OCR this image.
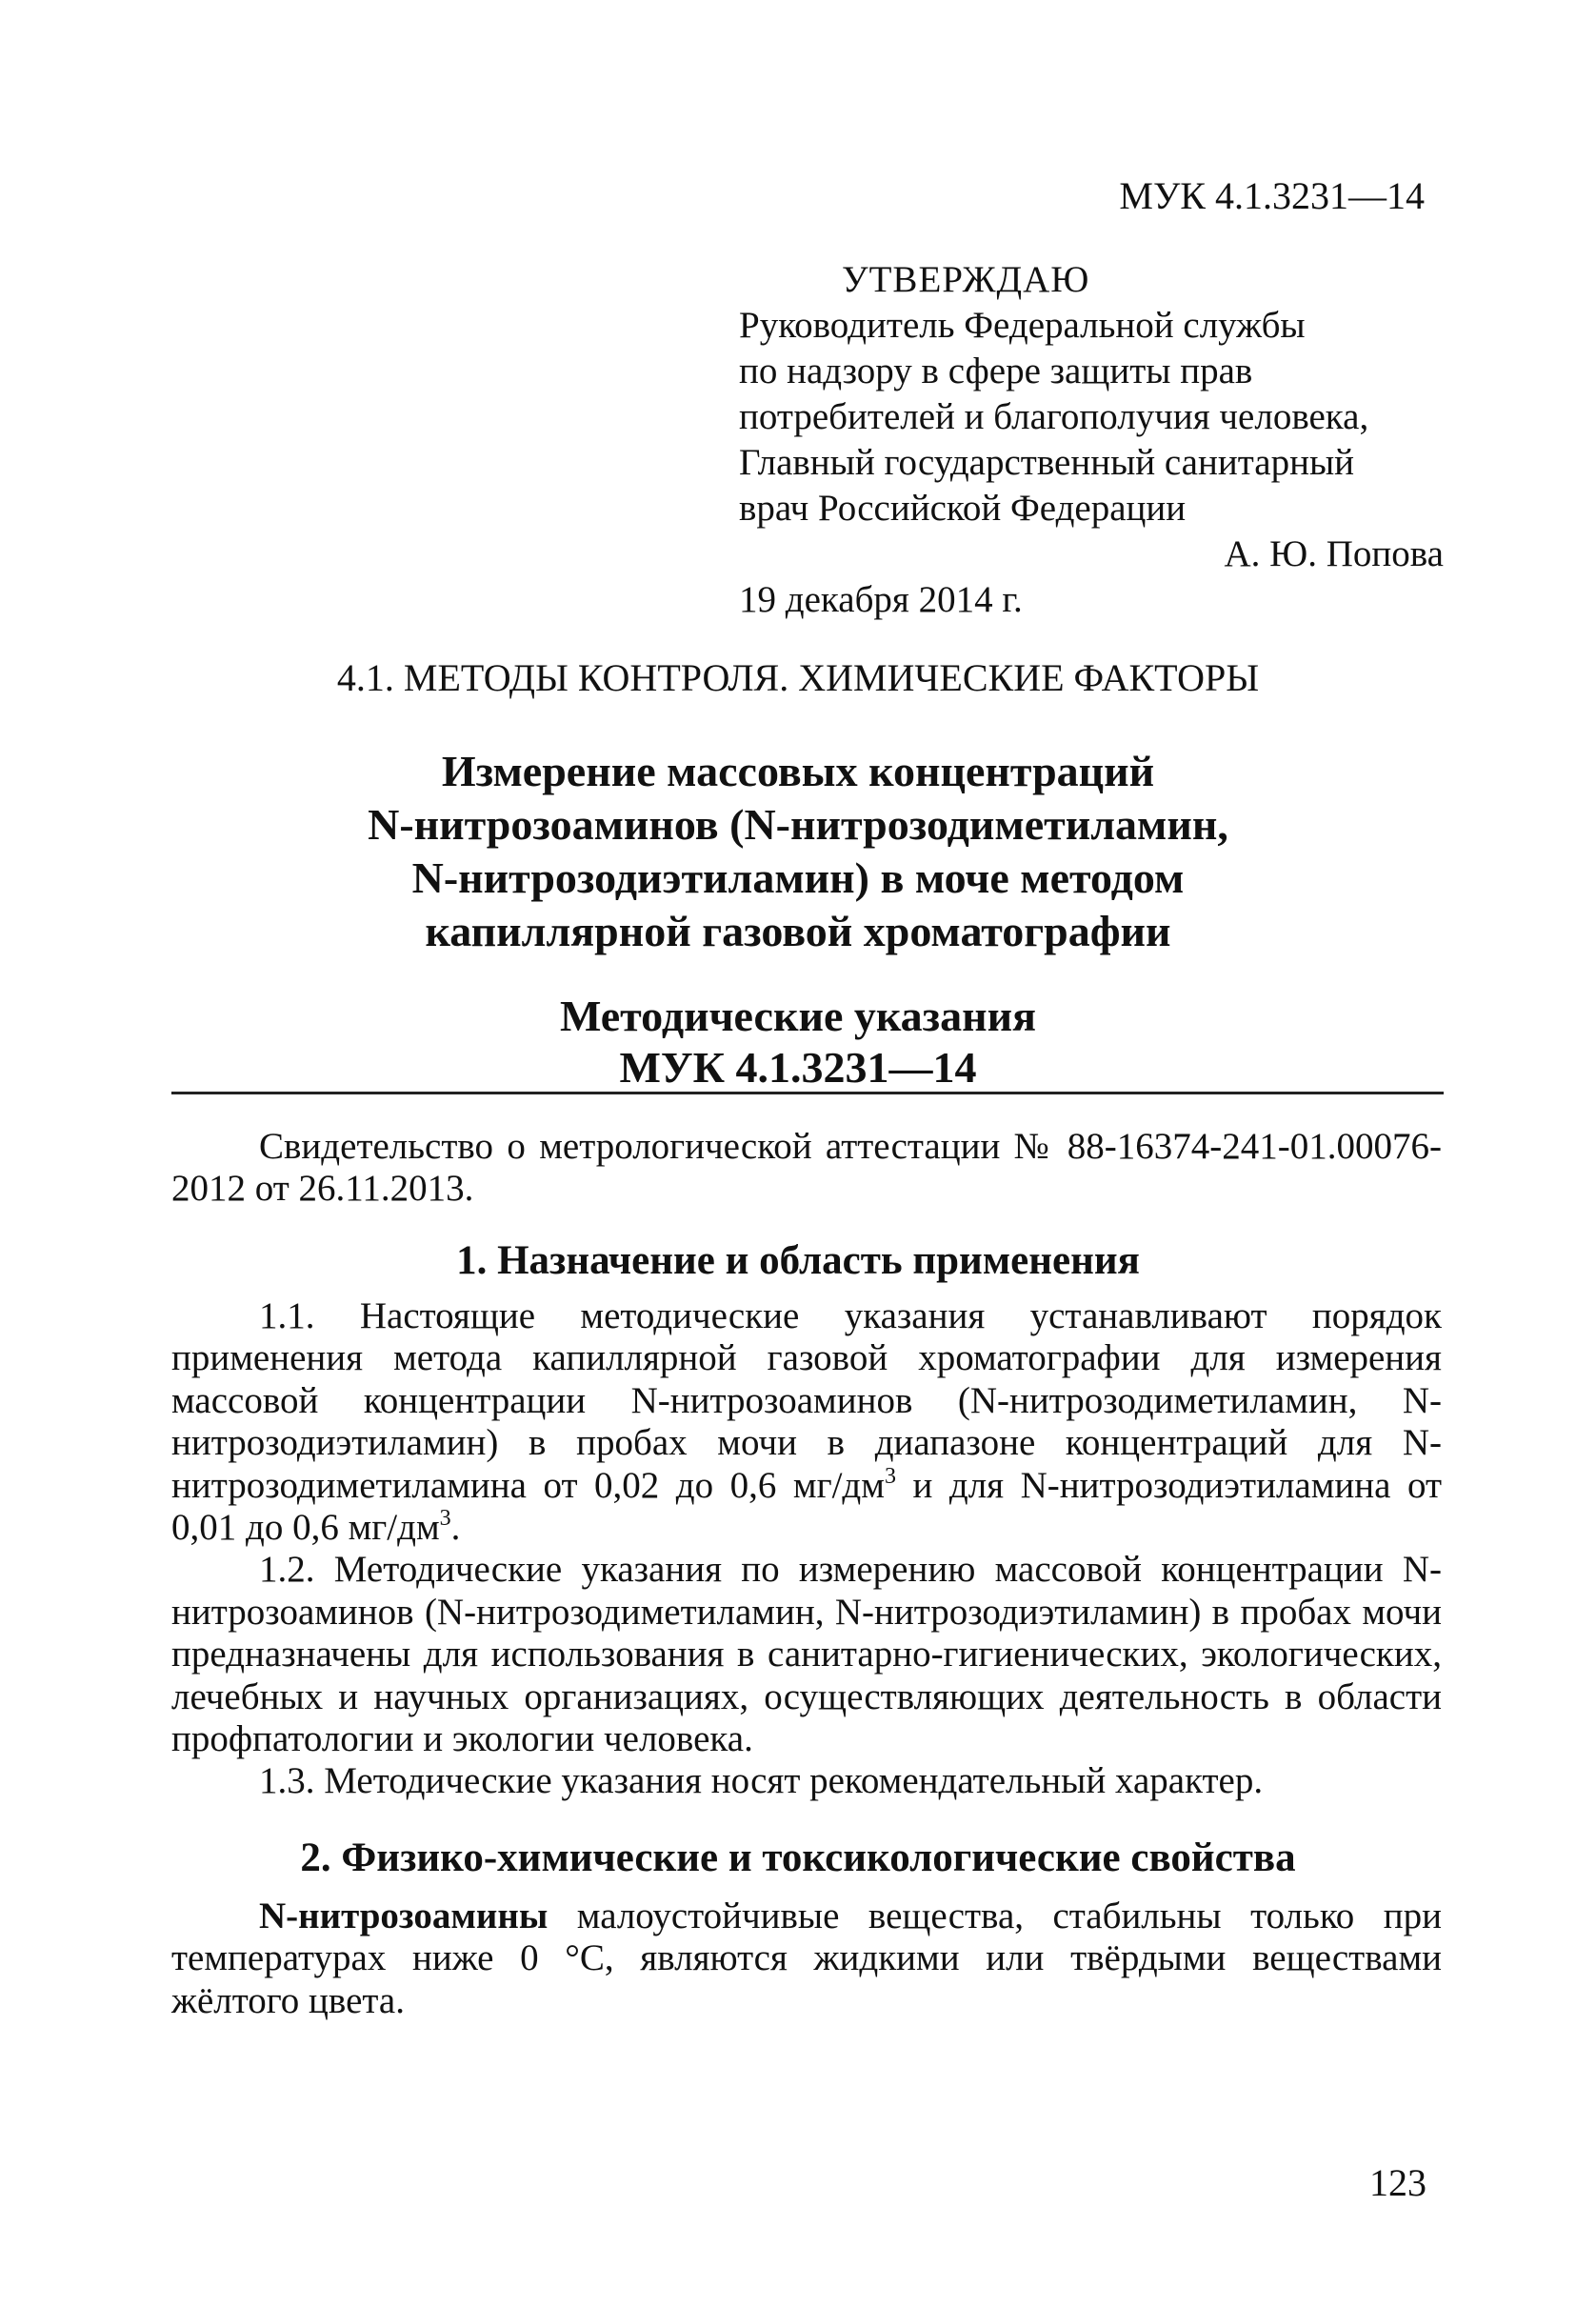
МУК 4.1.3231—14
УТВЕРЖДАЮ
Руководитель Федеральной службы
по надзору в сфере защиты прав
потребителей и благополучия человека,
Главный государственный санитарный
врач Российской Федерации
А. Ю. Попова
19 декабря 2014 г.
4.1. МЕТОДЫ КОНТРОЛЯ. ХИМИЧЕСКИЕ ФАКТОРЫ
Измерение массовых концентраций
N-нитрозоаминов (N-нитрозодиметиламин,
N-нитрозодиэтиламин) в моче методом
капиллярной газовой хроматографии
Методические указания
МУК 4.1.3231—14

Свидетельство о метрологической аттестации № 88-16374-241-01.00076-2012 от 26.11.2013.

1. Назначение и область применения

1.1. Настоящие методические указания устанавливают порядок применения метода капиллярной газовой хроматографии для измерения массовой концентрации N-нитрозоаминов (N-нитрозодиметиламин, N-нитрозодиэтиламин) в пробах мочи в диапазоне концентраций для N-нитрозодиметиламина от 0,02 до 0,6 $мг/дм^3$ и для N-нитрозодиэтиламина от 0,01 до 0,6 $мг/дм^3$.

1.2. Методические указания по измерению массовой концентрации N-нитрозоаминов (N-нитрозодиметиламин, N-нитрозодиэтиламин) в пробах мочи предназначены для использования в санитарно-гигиенических, экологических, лечебных и научных организациях, осуществляющих деятельность в области профпатологии и экологии человека.

1.3. Методические указания носят рекомендательный характер.

2. Физико-химические и токсикологические свойства

N-нитрозоамины малоустойчивые вещества, стабильны только при температурах ниже 0 °С, являются жидкими или твёрдыми веществами жёлтого цвета.

123
